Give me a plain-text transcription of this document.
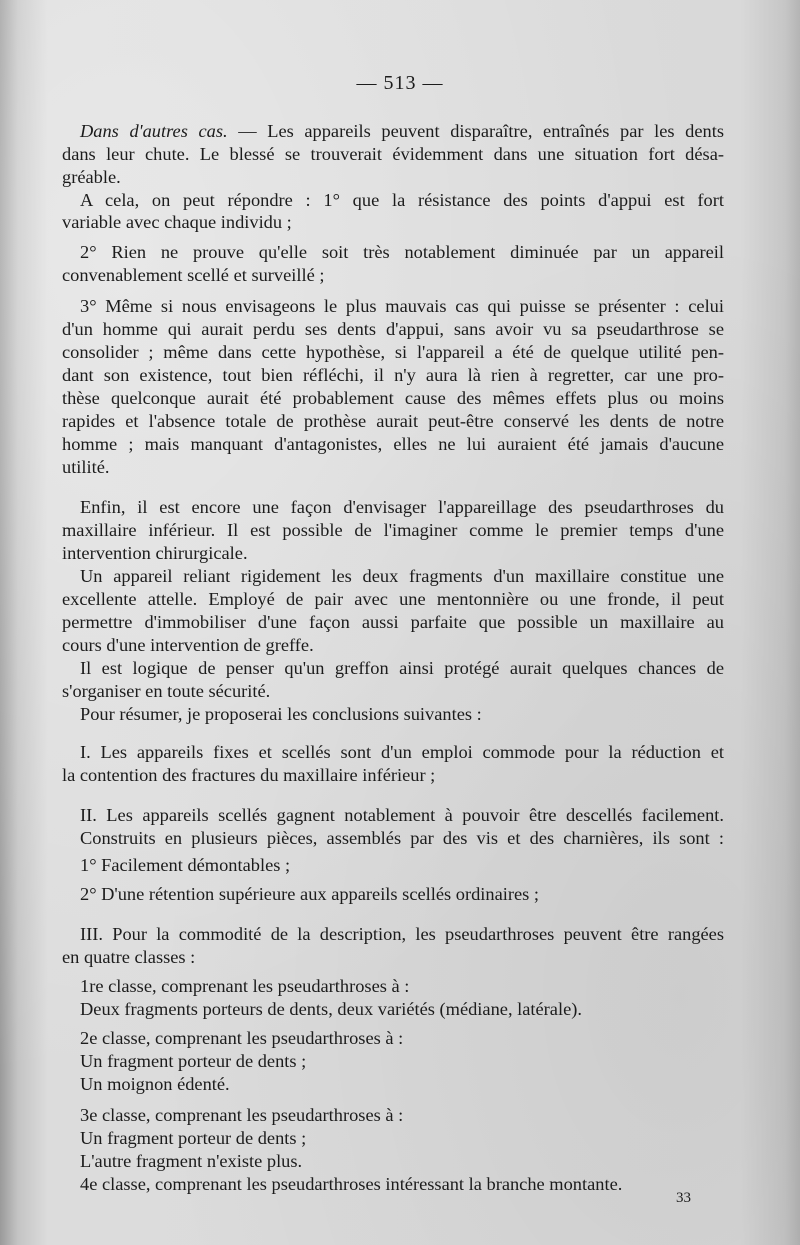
— 513 —
Dans d'autres cas. — Les appareils peuvent disparaître, entraînés par les dents
dans leur chute. Le blessé se trouverait évidemment dans une situation fort désa-
gréable.
A cela, on peut répondre : 1° que la résistance des points d'appui est fort
variable avec chaque individu ;
2° Rien ne prouve qu'elle soit très notablement diminuée par un appareil
convenablement scellé et surveillé ;
3° Même si nous envisageons le plus mauvais cas qui puisse se présenter : celui
d'un homme qui aurait perdu ses dents d'appui, sans avoir vu sa pseudarthrose se
consolider ; même dans cette hypothèse, si l'appareil a été de quelque utilité pen-
dant son existence, tout bien réfléchi, il n'y aura là rien à regretter, car une pro-
thèse quelconque aurait été probablement cause des mêmes effets plus ou moins
rapides et l'absence totale de prothèse aurait peut-être conservé les dents de notre
homme ; mais manquant d'antagonistes, elles ne lui auraient été jamais d'aucune
utilité.
Enfin, il est encore une façon d'envisager l'appareillage des pseudarthroses du
maxillaire inférieur. Il est possible de l'imaginer comme le premier temps d'une
intervention chirurgicale.
Un appareil reliant rigidement les deux fragments d'un maxillaire constitue une
excellente attelle. Employé de pair avec une mentonnière ou une fronde, il peut
permettre d'immobiliser d'une façon aussi parfaite que possible un maxillaire au
cours d'une intervention de greffe.
Il est logique de penser qu'un greffon ainsi protégé aurait quelques chances de
s'organiser en toute sécurité.
Pour résumer, je proposerai les conclusions suivantes :
I. Les appareils fixes et scellés sont d'un emploi commode pour la réduction et
la contention des fractures du maxillaire inférieur ;
II. Les appareils scellés gagnent notablement à pouvoir être descellés facilement.
Construits en plusieurs pièces, assemblés par des vis et des charnières, ils sont :
1° Facilement démontables ;
2° D'une rétention supérieure aux appareils scellés ordinaires ;
III. Pour la commodité de la description, les pseudarthroses peuvent être rangées
en quatre classes :
1re classe, comprenant les pseudarthroses à :
Deux fragments porteurs de dents, deux variétés (médiane, latérale).
2e classe, comprenant les pseudarthroses à :
Un fragment porteur de dents ;
Un moignon édenté.
3e classe, comprenant les pseudarthroses à :
Un fragment porteur de dents ;
L'autre fragment n'existe plus.
4e classe, comprenant les pseudarthroses intéressant la branche montante.
33
